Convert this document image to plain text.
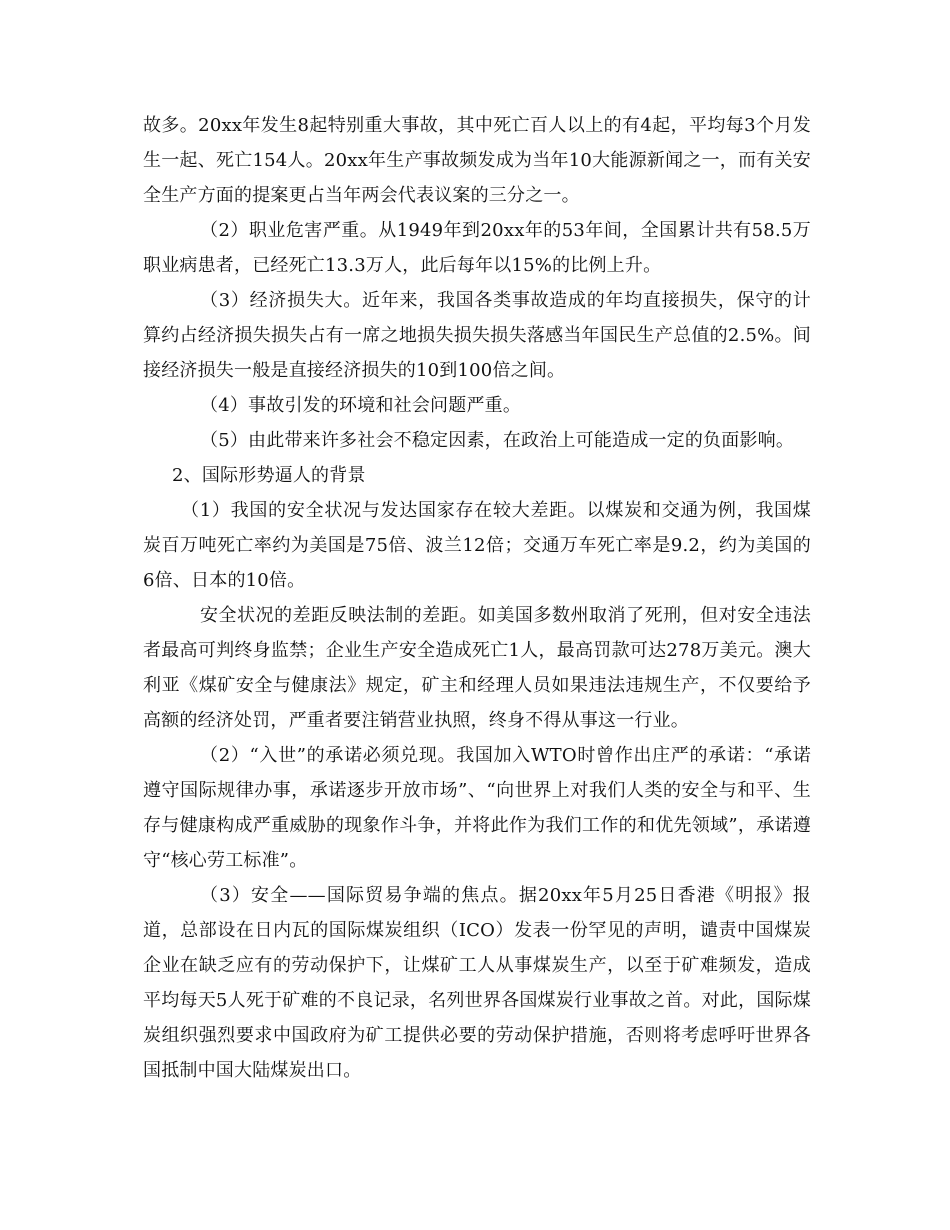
故多。20xx年发生8起特别重大事故，其中死亡百人以上的有4起，平均每3个月发生一起、死亡154人。20xx年生产事故频发成为当年10大能源新闻之一，而有关安全生产方面的提案更占当年两会代表议案的三分之一。

（2）职业危害严重。从1949年到20xx年的53年间，全国累计共有58.5万职业病患者，已经死亡13.3万人，此后每年以15%的比例上升。

（3）经济损失大。近年来，我国各类事故造成的年均直接损失，保守的计算约占经济损失损失占有一席之地损失损失损失落感当年国民生产总值的2.5%。间接经济损失一般是直接经济损失的10到100倍之间。

（4）事故引发的环境和社会问题严重。

（5）由此带来许多社会不稳定因素，在政治上可能造成一定的负面影响。

2、国际形势逼人的背景

（1）我国的安全状况与发达国家存在较大差距。以煤炭和交通为例，我国煤炭百万吨死亡率约为美国是75倍、波兰12倍；交通万车死亡率是9.2，约为美国的6倍、日本的10倍。

安全状况的差距反映法制的差距。如美国多数州取消了死刑，但对安全违法者最高可判终身监禁；企业生产安全造成死亡1人，最高罚款可达278万美元。澳大利亚《煤矿安全与健康法》规定，矿主和经理人员如果违法违规生产，不仅要给予高额的经济处罚，严重者要注销营业执照，终身不得从事这一行业。

（2）“入世”的承诺必须兑现。我国加入WTO时曾作出庄严的承诺：“承诺遵守国际规律办事，承诺逐步开放市场”、“向世界上对我们人类的安全与和平、生存与健康构成严重威胁的现象作斗争，并将此作为我们工作的和优先领域”，承诺遵守“核心劳工标准”。

（3）安全——国际贸易争端的焦点。据20xx年5月25日香港《明报》报道，总部设在日内瓦的国际煤炭组织（ICO）发表一份罕见的声明，谴责中国煤炭企业在缺乏应有的劳动保护下，让煤矿工人从事煤炭生产，以至于矿难频发，造成平均每天5人死于矿难的不良记录，名列世界各国煤炭行业事故之首。对此，国际煤炭组织强烈要求中国政府为矿工提供必要的劳动保护措施，否则将考虑呼吁世界各国抵制中国大陆煤炭出口。
